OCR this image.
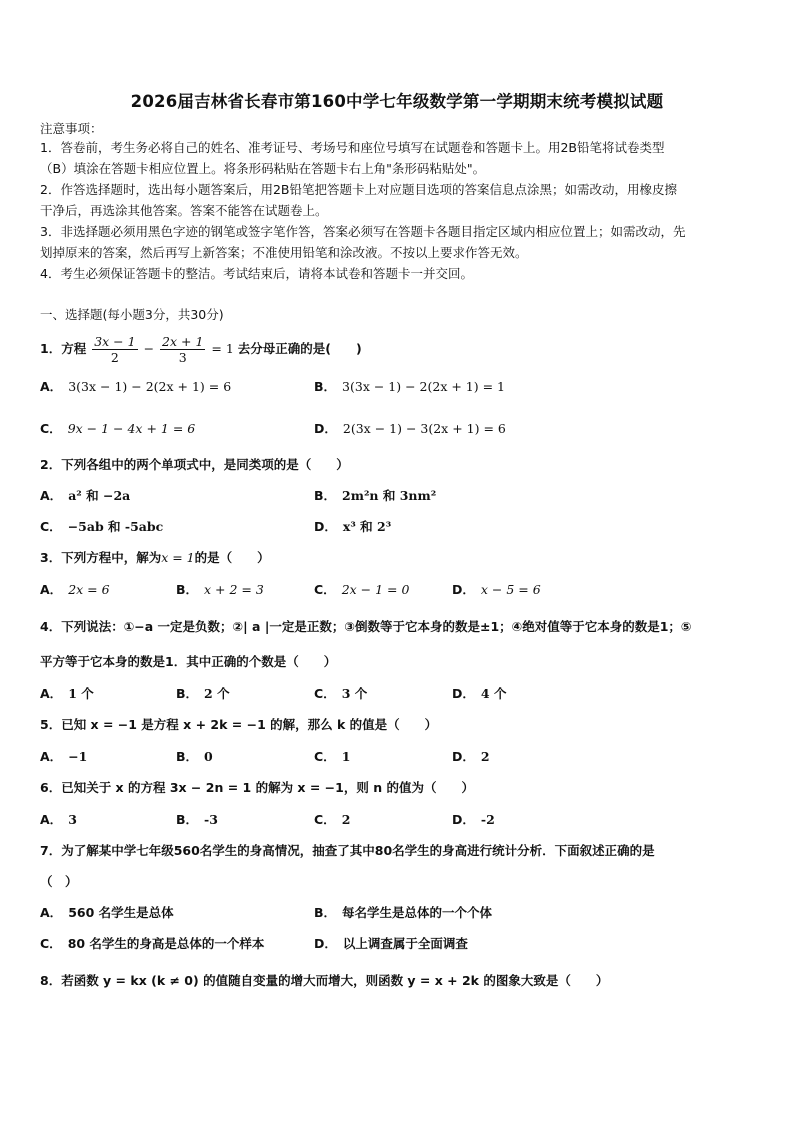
2026届吉林省长春市第160中学七年级数学第一学期期末统考模拟试题
注意事项：
1．答卷前，考生务必将自己的姓名、准考证号、考场号和座位号填写在试题卷和答题卡上。用2B铅笔将试卷类型
（B）填涂在答题卡相应位置上。将条形码粘贴在答题卡右上角"条形码粘贴处"。
2．作答选择题时，选出每小题答案后，用2B铅笔把答题卡上对应题目选项的答案信息点涂黑；如需改动，用橡皮擦
干净后，再选涂其他答案。答案不能答在试题卷上。
3．非选择题必须用黑色字迹的钢笔或签字笔作答，答案必须写在答题卡各题目指定区域内相应位置上；如需改动，先
划掉原来的答案，然后再写上新答案；不准使用铅笔和涂改液。不按以上要求作答无效。
4．考生必须保证答题卡的整洁。考试结束后，请将本试卷和答题卡一并交回。
一、选择题(每小题3分，共30分)
1．方程 $\frac{3x - 1}{2} - \frac{2x + 1}{3} = 1$ 去分母正确的是(　　)
A． 3(3x − 1) − 2(2x + 1) = 6	B． 3(3x − 1) − 2(2x + 1) = 1
C． 9x − 1 − 4x + 1 = 6	D． 2(3x − 1) − 3(2x + 1) = 6
2．下列各组中的两个单项式中，是同类项的是（　　）
A． a² 和 −2a	B． 2m²n 和 3nm²
C． −5ab 和 -5abc	D． x³ 和 2³
3．下列方程中，解为x = 1的是（　　）
A． 2x = 6	B． x + 2 = 3	C． 2x − 1 = 0	D． x − 5 = 6
4．下列说法：①−a 一定是负数；②| a |一定是正数；③倒数等于它本身的数是±1；④绝对值等于它本身的数是1；⑤
平方等于它本身的数是1．其中正确的个数是（　　）
A． 1 个	B． 2 个	C． 3 个	D． 4 个
5．已知 x = −1 是方程 x + 2k = −1 的解，那么 k 的值是（　　）
A． −1	B． 0	C． 1	D． 2
6．已知关于 x 的方程 3x − 2n = 1 的解为 x = −1，则 n 的值为（　　）
A． 3	B． -3	C． 2	D． -2
7．为了解某中学七年级560名学生的身高情况，抽查了其中80名学生的身高进行统计分析．下面叙述正确的是
（　）
A． 560 名学生是总体	B． 每名学生是总体的一个个体
C． 80 名学生的身高是总体的一个样本	D． 以上调查属于全面调查
8．若函数 y = kx (k ≠ 0) 的值随自变量的增大而增大，则函数 y = x + 2k 的图象大致是（　　）
